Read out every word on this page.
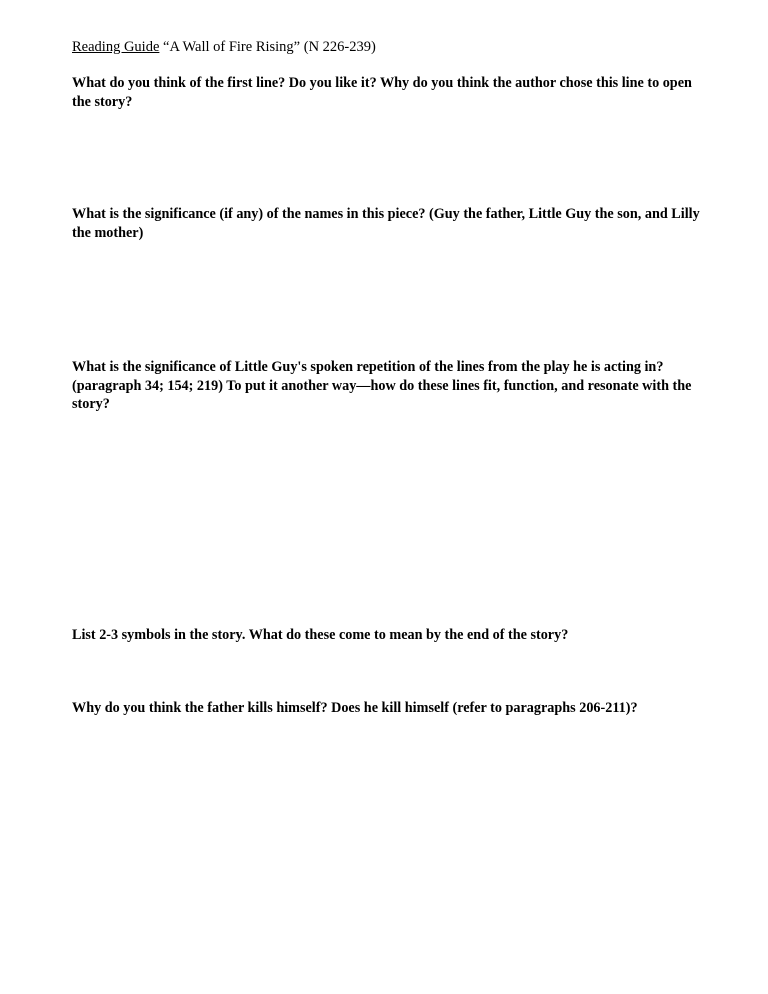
Reading Guide “A Wall of Fire Rising” (N 226-239)

What do you think of the first line? Do you like it? Why do you think the author chose this line to open the story?

What is the significance (if any) of the names in this piece? (Guy the father, Little Guy the son, and Lilly the mother)

What is the significance of Little Guy's spoken repetition of the lines from the play he is acting in? (paragraph 34; 154; 219) To put it another way—how do these lines fit, function, and resonate with the story?

List 2-3 symbols in the story. What do these come to mean by the end of the story?

Why do you think the father kills himself? Does he kill himself (refer to paragraphs 206-211)?
